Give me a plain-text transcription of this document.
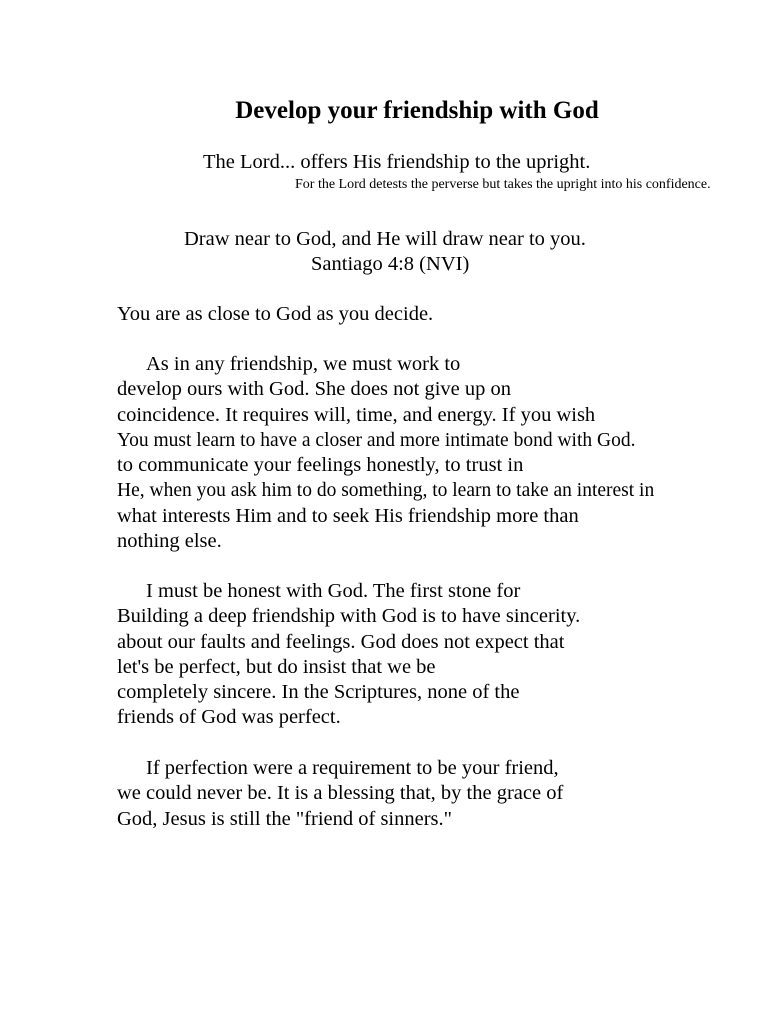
Develop your friendship with God
The Lord... offers His friendship to the upright.
For the Lord detests the perverse but takes the upright into his confidence.
Draw near to God, and He will draw near to you.
Santiago 4:8 (NVI)
You are as close to God as you decide.
As in any friendship, we must work to
develop ours with God. She does not give up on
coincidence. It requires will, time, and energy. If you wish
You must learn to have a closer and more intimate bond with God.
to communicate your feelings honestly, to trust in
He, when you ask him to do something, to learn to take an interest in
what interests Him and to seek His friendship more than
nothing else.
I must be honest with God. The first stone for
Building a deep friendship with God is to have sincerity.
about our faults and feelings. God does not expect that
let's be perfect, but do insist that we be
completely sincere. In the Scriptures, none of the
friends of God was perfect.
If perfection were a requirement to be your friend,
we could never be. It is a blessing that, by the grace of
God, Jesus is still the "friend of sinners."
